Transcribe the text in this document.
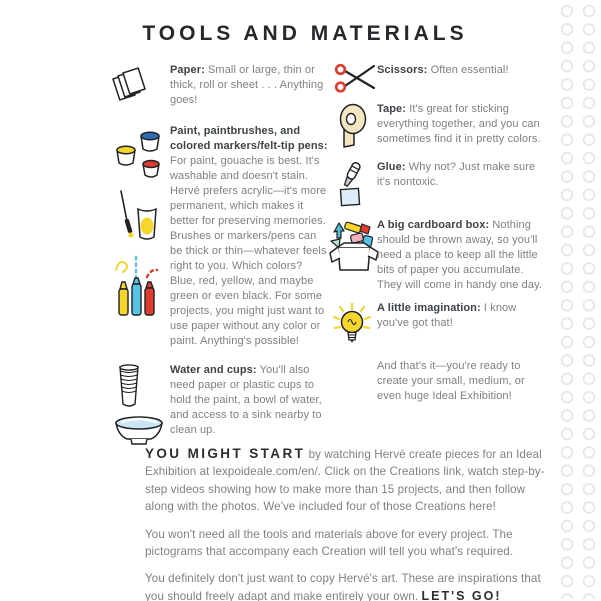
TOOLS AND MATERIALS

Paper: Small or large, thin or thick, roll or sheet . . . Anything goes!

Paint, paintbrushes, and colored markers/felt-tip pens:
For paint, gouache is best. It's washable and doesn't stain. Hervé prefers acrylic—it's more permanent, which makes it better for preserving memories. Brushes or markers/pens can be thick or thin—whatever feels right to you. Which colors? Blue, red, yellow, and maybe green or even black. For some projects, you might just want to use paper without any color or paint. Anything's possible!

Water and cups: You'll also need paper or plastic cups to hold the paint, a bowl of water, and access to a sink nearby to clean up.

Scissors: Often essential!

Tape: It's great for sticking everything together, and you can sometimes find it in pretty colors.

Glue: Why not? Just make sure it's nontoxic.

A big cardboard box: Nothing should be thrown away, so you'll need a place to keep all the little bits of paper you accumulate. They will come in handy one day.

A little imagination: I know you've got that!

And that's it—you're ready to create your small, medium, or even huge Ideal Exhibition!

YOU MIGHT START by watching Hervé create pieces for an Ideal Exhibition at lexpoideale.com/en/. Click on the Creations link, watch step-by-step videos showing how to make more than 15 projects, and then follow along with the photos. We've included four of those Creations here!

You won't need all the tools and materials above for every project. The pictograms that accompany each Creation will tell you what's required.

You definitely don't just want to copy Hervé's art. These are inspirations that you should freely adapt and make entirely your own. LET'S GO!
